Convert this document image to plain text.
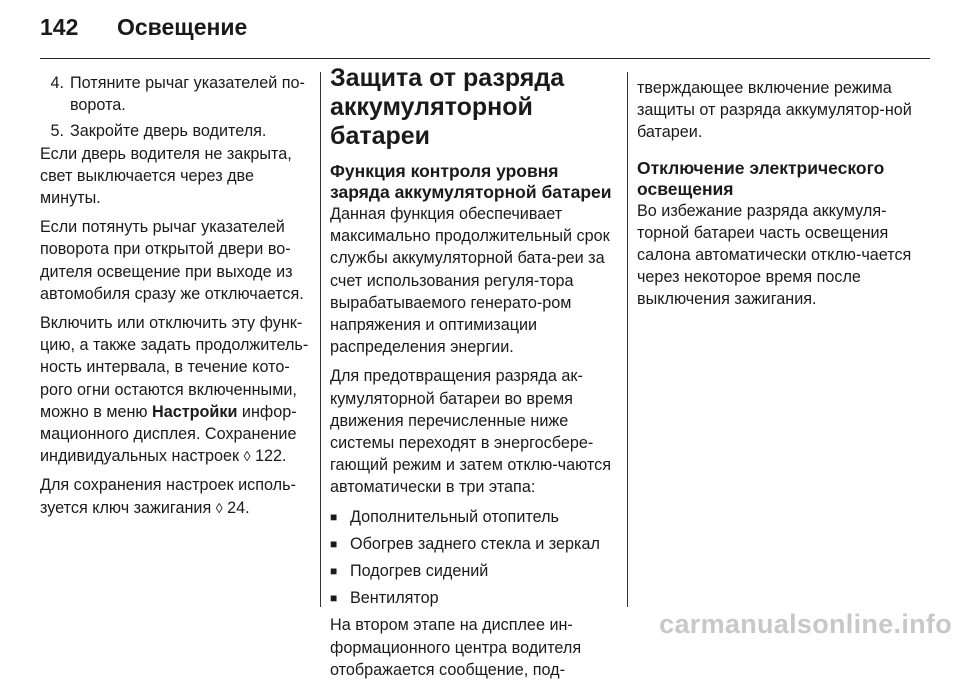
142 Освещение
4. Потяните рычаг указателей по-ворота.
5. Закройте дверь водителя.

Если дверь водителя не закрыта, свет выключается через две минуты.

Если потянуть рычаг указателей поворота при открытой двери во-дителя освещение при выходе из автомобиля сразу же отключается.

Включить или отключить эту функ-цию, а также задать продолжитель-ность интервала, в течение кото-рого огни остаются включенными, можно в меню Настройки инфор-мационного дисплея. Сохранение индивидуальных настроек ◊ 122.

Для сохранения настроек исполь-зуется ключ зажигания ◊ 24.

Защита от разряда аккумуляторной батареи
Функция контроля уровня заряда аккумуляторной батареи

Данная функция обеспечивает максимально продолжительный срок службы аккумуляторной бата-реи за счет использования регуля-тора вырабатываемого генерато-ром напряжения и оптимизации распределения энергии.

Для предотвращения разряда ак-кумуляторной батареи во время движения перечисленные ниже системы переходят в энергосбере-гающий режим и затем отклю-чаются автоматически в три этапа:

■ Дополнительный отопитель
■ Обогрев заднего стекла и зеркал
■ Подогрев сидений
■ Вентилятор

На втором этапе на дисплее ин-формационного центра водителя отображается сообщение, под-

тверждающее включение режима защиты от разряда аккумулятор-ной батареи.

Отключение электрического освещения

Во избежание разряда аккумуля-торной батареи часть освещения салона автоматически отклю-чается через некоторое время после выключения зажигания.

carmanualsonline.info
